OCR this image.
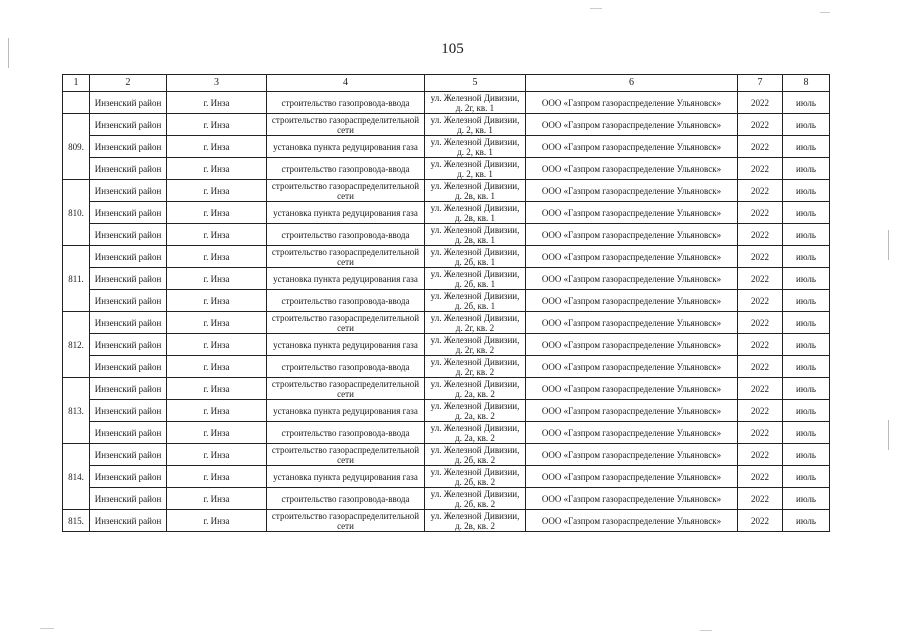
105
1	2	3	4	5	6	7	8
	Инзенский район	г. Инза	строительство газопровода-ввода	ул. Железной Дивизии, д. 2г, кв. 1	ООО «Газпром газораспределение Ульяновск»	2022	июль
809.	Инзенский район	г. Инза	строительство газораспределительной сети	ул. Железной Дивизии, д. 2, кв. 1	ООО «Газпром газораспределение Ульяновск»	2022	июль
	Инзенский район	г. Инза	установка пункта редуцирования газа	ул. Железной Дивизии, д. 2, кв. 1	ООО «Газпром газораспределение Ульяновск»	2022	июль
	Инзенский район	г. Инза	строительство газопровода-ввода	ул. Железной Дивизии, д. 2, кв. 1	ООО «Газпром газораспределение Ульяновск»	2022	июль
810.	Инзенский район	г. Инза	строительство газораспределительной сети	ул. Железной Дивизии, д. 2в, кв. 1	ООО «Газпром газораспределение Ульяновск»	2022	июль
	Инзенский район	г. Инза	установка пункта редуцирования газа	ул. Железной Дивизии, д. 2в, кв. 1	ООО «Газпром газораспределение Ульяновск»	2022	июль
	Инзенский район	г. Инза	строительство газопровода-ввода	ул. Железной Дивизии, д. 2в, кв. 1	ООО «Газпром газораспределение Ульяновск»	2022	июль
811.	Инзенский район	г. Инза	строительство газораспределительной сети	ул. Железной Дивизии, д. 2б, кв. 1	ООО «Газпром газораспределение Ульяновск»	2022	июль
	Инзенский район	г. Инза	установка пункта редуцирования газа	ул. Железной Дивизии, д. 2б, кв. 1	ООО «Газпром газораспределение Ульяновск»	2022	июль
	Инзенский район	г. Инза	строительство газопровода-ввода	ул. Железной Дивизии, д. 2б, кв. 1	ООО «Газпром газораспределение Ульяновск»	2022	июль
812.	Инзенский район	г. Инза	строительство газораспределительной сети	ул. Железной Дивизии, д. 2г, кв. 2	ООО «Газпром газораспределение Ульяновск»	2022	июль
	Инзенский район	г. Инза	установка пункта редуцирования газа	ул. Железной Дивизии, д. 2г, кв. 2	ООО «Газпром газораспределение Ульяновск»	2022	июль
	Инзенский район	г. Инза	строительство газопровода-ввода	ул. Железной Дивизии, д. 2г, кв. 2	ООО «Газпром газораспределение Ульяновск»	2022	июль
813.	Инзенский район	г. Инза	строительство газораспределительной сети	ул. Железной Дивизии, д. 2а, кв. 2	ООО «Газпром газораспределение Ульяновск»	2022	июль
	Инзенский район	г. Инза	установка пункта редуцирования газа	ул. Железной Дивизии, д. 2а, кв. 2	ООО «Газпром газораспределение Ульяновск»	2022	июль
	Инзенский район	г. Инза	строительство газопровода-ввода	ул. Железной Дивизии, д. 2а, кв. 2	ООО «Газпром газораспределение Ульяновск»	2022	июль
814.	Инзенский район	г. Инза	строительство газораспределительной сети	ул. Железной Дивизии, д. 2б, кв. 2	ООО «Газпром газораспределение Ульяновск»	2022	июль
	Инзенский район	г. Инза	установка пункта редуцирования газа	ул. Железной Дивизии, д. 2б, кв. 2	ООО «Газпром газораспределение Ульяновск»	2022	июль
	Инзенский район	г. Инза	строительство газопровода-ввода	ул. Железной Дивизии, д. 2б, кв. 2	ООО «Газпром газораспределение Ульяновск»	2022	июль
815.	Инзенский район	г. Инза	строительство газораспределительной сети	ул. Железной Дивизии, д. 2в, кв. 2	ООО «Газпром газораспределение Ульяновск»	2022	июль
